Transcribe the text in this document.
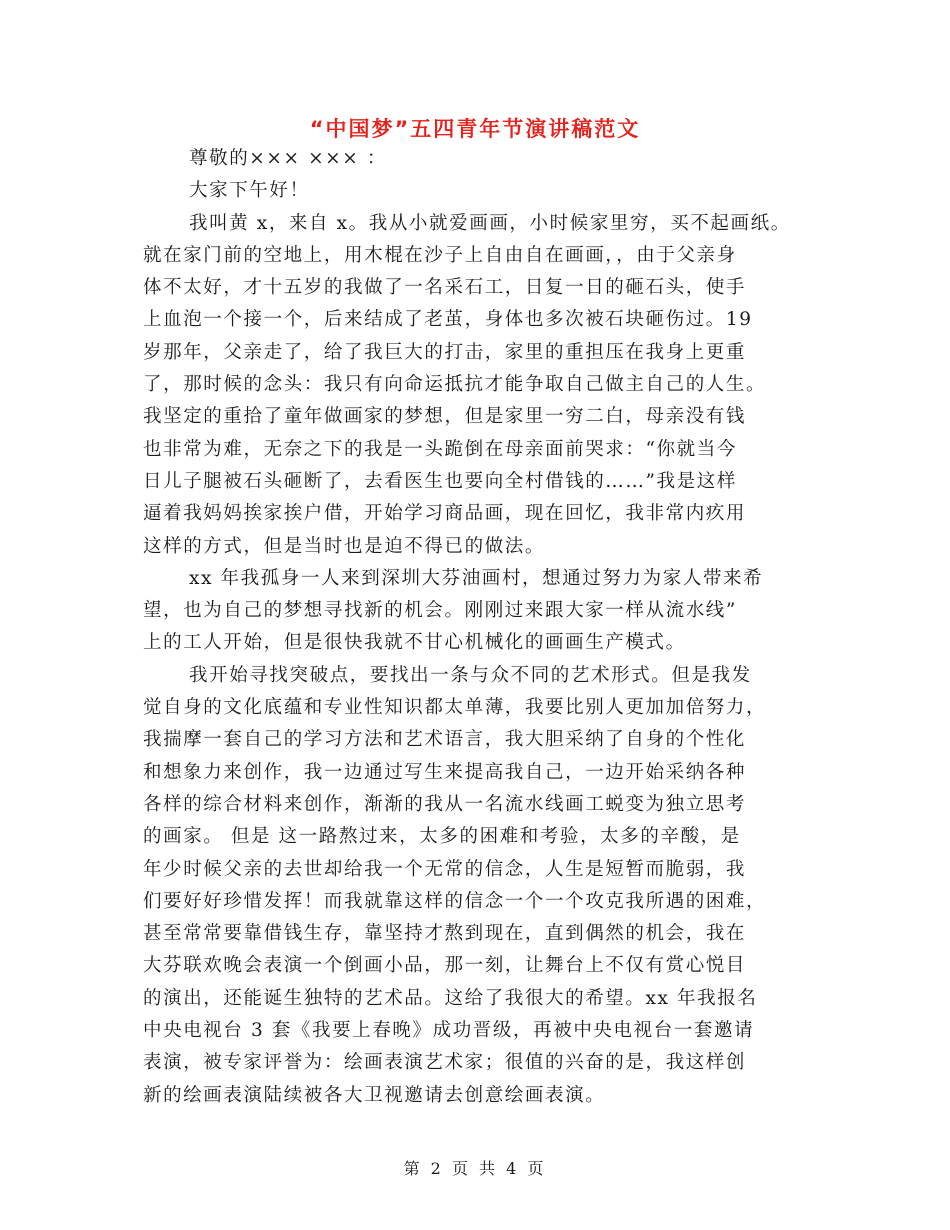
“中国梦”五四青年节演讲稿范文
尊敬的××× ××× ：
大家下午好！
我叫黄 x，来自 x。我从小就爱画画，小时候家里穷，买不起画纸。
就在家门前的空地上，用木棍在沙子上自由自在画画，，由于父亲身
体不太好，才十五岁的我做了一名采石工，日复一日的砸石头，使手
上血泡一个接一个，后来结成了老茧，身体也多次被石块砸伤过。19
岁那年，父亲走了，给了我巨大的打击，家里的重担压在我身上更重
了，那时候的念头：我只有向命运抵抗才能争取自己做主自己的人生。
我坚定的重拾了童年做画家的梦想，但是家里一穷二白，母亲没有钱
也非常为难，无奈之下的我是一头跪倒在母亲面前哭求：“你就当今
日儿子腿被石头砸断了，去看医生也要向全村借钱的……”我是这样
逼着我妈妈挨家挨户借，开始学习商品画，现在回忆，我非常内疚用
这样的方式，但是当时也是迫不得已的做法。
xx 年我孤身一人来到深圳大芬油画村，想通过努力为家人带来希
望，也为自己的梦想寻找新的机会。刚刚过来跟大家一样从流水线”
上的工人开始，但是很快我就不甘心机械化的画画生产模式。
我开始寻找突破点，要找出一条与众不同的艺术形式。但是我发
觉自身的文化底蕴和专业性知识都太单薄，我要比别人更加加倍努力，
我揣摩一套自己的学习方法和艺术语言，我大胆采纳了自身的个性化
和想象力来创作，我一边通过写生来提高我自己，一边开始采纳各种
各样的综合材料来创作，渐渐的我从一名流水线画工蜕变为独立思考
的画家。 但是 这一路熬过来，太多的困难和考验，太多的辛酸，是
年少时候父亲的去世却给我一个无常的信念，人生是短暂而脆弱，我
们要好好珍惜发挥！而我就靠这样的信念一个一个攻克我所遇的困难，
甚至常常要靠借钱生存，靠坚持才熬到现在，直到偶然的机会，我在
大芬联欢晚会表演一个倒画小品，那一刻，让舞台上不仅有赏心悦目
的演出，还能诞生独特的艺术品。这给了我很大的希望。xx 年我报名
中央电视台 3 套《我要上春晚》成功晋级，再被中央电视台一套邀请
表演，被专家评誉为：绘画表演艺术家；很值的兴奋的是，我这样创
新的绘画表演陆续被各大卫视邀请去创意绘画表演。
第 2 页 共 4 页
